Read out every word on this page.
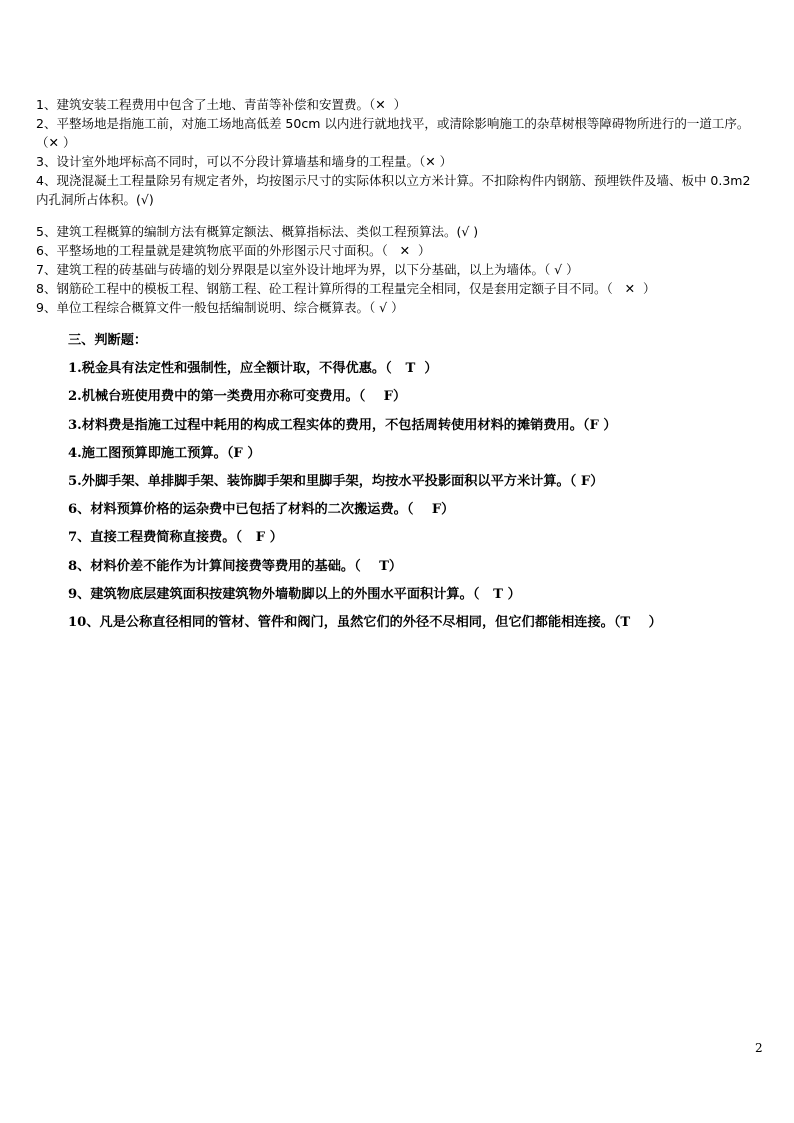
1、建筑安装工程费用中包含了土地、青苗等补偿和安置费。（✕  ）

2、平整场地是指施工前，对施工场地高低差 50cm 以内进行就地找平，或清除影响施工的杂草树根等障碍物所进行的一道工序。（✕ ）

3、设计室外地坪标高不同时，可以不分段计算墙基和墙身的工程量。（✕ ）

4、现浇混凝土工程量除另有规定者外，均按图示尺寸的实际体积以立方米计算。不扣除构件内钢筋、预埋铁件及墙、板中 0.3m2 内孔洞所占体积。(√)

5、建筑工程概算的编制方法有概算定额法、概算指标法、类似工程预算法。(√ )

6、平整场地的工程量就是建筑物底平面的外形图示尺寸面积。（   ✕  ）

7、建筑工程的砖基础与砖墙的划分界限是以室外设计地坪为界，以下分基础，以上为墙体。（ √ ）

8、钢筋砼工程中的模板工程、钢筋工程、砼工程计算所得的工程量完全相同，仅是套用定额子目不同。（   ✕  ）

9、单位工程综合概算文件一般包括编制说明、综合概算表。（ √ ）

三、判断题：

1.税金具有法定性和强制性，应全额计取，不得优惠。（   T  ）

2.机械台班使用费中的第一类费用亦称可变费用。（    F）

3.材料费是指施工过程中耗用的构成工程实体的费用，不包括周转使用材料的摊销费用。（F ）

4.施工图预算即施工预算。（F ）

5.外脚手架、单排脚手架、装饰脚手架和里脚手架，均按水平投影面积以平方米计算。（ F）

6、材料预算价格的运杂费中已包括了材料的二次搬运费。（    F）

7、直接工程费简称直接费。（   F ）

8、材料价差不能作为计算间接费等费用的基础。（    T）

9、建筑物底层建筑面积按建筑物外墙勒脚以上的外围水平面积计算。（   T ）

10、凡是公称直径相同的管材、管件和阀门，虽然它们的外径不尽相同，但它们都能相连接。（T    ）

2
